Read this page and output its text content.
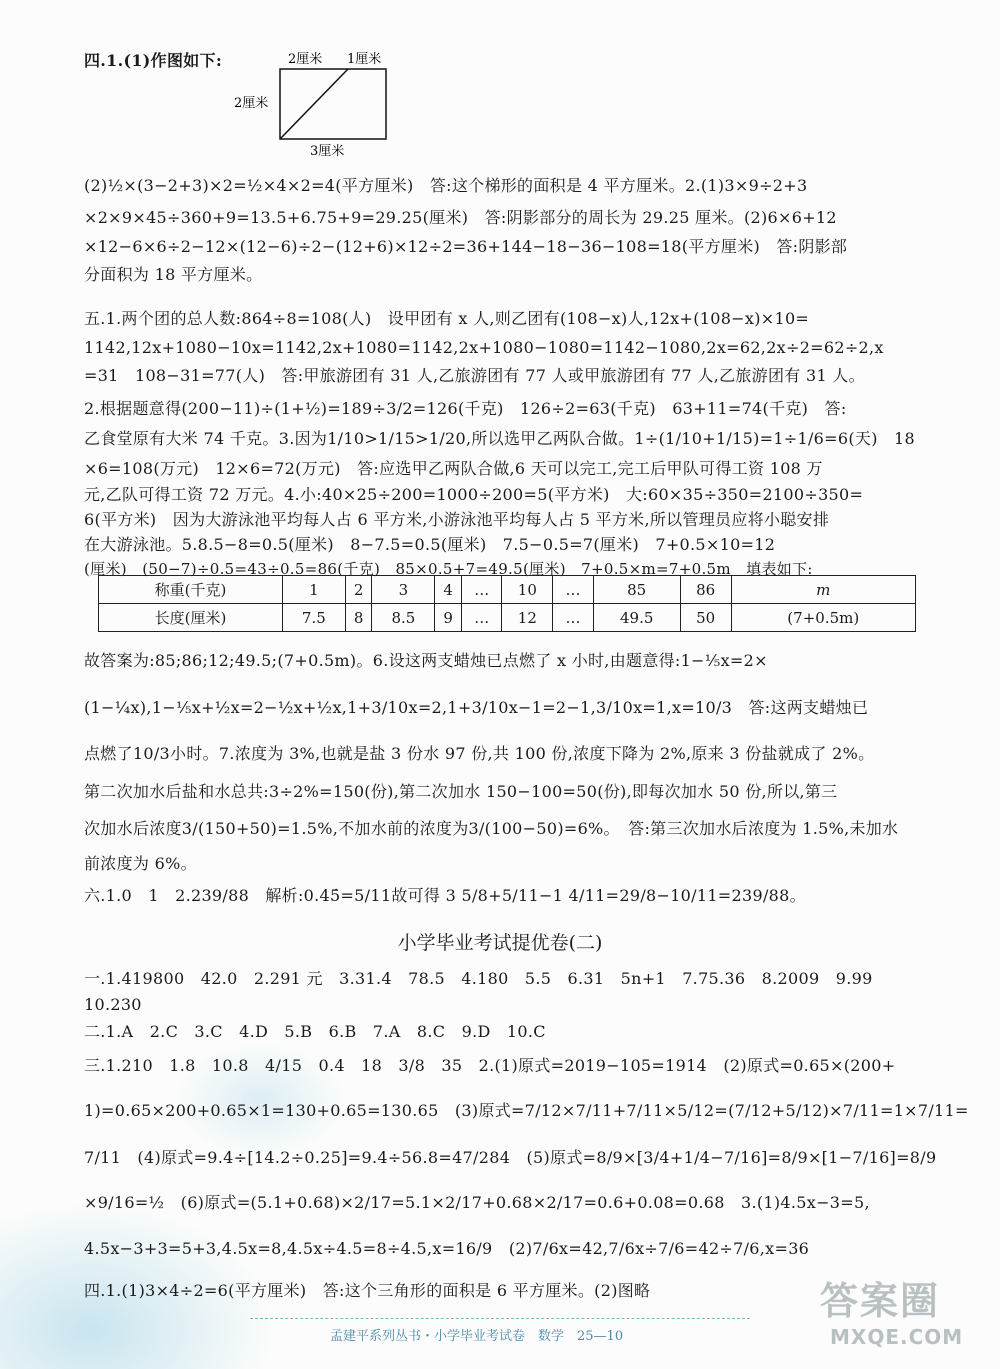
四.1.(1)作图如下:	2厘米 1厘米
2厘米
3厘米
(2)½×(3−2+3)×2=½×4×2=4(平方厘米)　答:这个梯形的面积是 4 平方厘米。2.(1)3×9÷2+3
×2×9×45÷360+9=13.5+6.75+9=29.25(厘米)　答:阴影部分的周长为 29.25 厘米。(2)6×6+12
×12−6×6÷2−12×(12−6)÷2−(12+6)×12÷2=36+144−18−36−108=18(平方厘米)　答:阴影部
分面积为 18 平方厘米。
五.1.两个团的总人数:864÷8=108(人)　设甲团有 x 人,则乙团有(108−x)人,12x+(108−x)×10=
1142,12x+1080−10x=1142,2x+1080=1142,2x+1080−1080=1142−1080,2x=62,2x÷2=62÷2,x
=31　108−31=77(人)　答:甲旅游团有 31 人,乙旅游团有 77 人或甲旅游团有 77 人,乙旅游团有 31 人。
2.根据题意得(200−11)÷(1+½)=189÷3/2=126(千克)　126÷2=63(千克)　63+11=74(千克)　答:
乙食堂原有大米 74 千克。3.因为1/10>1/15>1/20,所以选甲乙两队合做。1÷(1/10+1/15)=1÷1/6=6(天)　18
×6=108(万元)　12×6=72(万元)　答:应选甲乙两队合做,6 天可以完工,完工后甲队可得工资 108 万
元,乙队可得工资 72 万元。4.小:40×25÷200=1000÷200=5(平方米)　大:60×35÷350=2100÷350=
6(平方米)　因为大游泳池平均每人占 6 平方米,小游泳池平均每人占 5 平方米,所以管理员应将小聪安排
在大游泳池。5.8.5−8=0.5(厘米)　8−7.5=0.5(厘米)　7.5−0.5=7(厘米)　7+0.5×10=12
(厘米)　(50−7)÷0.5=43÷0.5=86(千克)　85×0.5+7=49.5(厘米)　7+0.5×m=7+0.5m　填表如下:
称重(千克)	1	2	3	4	…	10	…	85	86	m
长度(厘米)	7.5	8	8.5	9	…	12	…	49.5	50	(7+0.5m)
故答案为:85;86;12;49.5;(7+0.5m)。6.设这两支蜡烛已点燃了 x 小时,由题意得:1−⅕x=2×
(1−¼x),1−⅕x+½x=2−½x+½x,1+3/10x=2,1+3/10x−1=2−1,3/10x=1,x=10/3　答:这两支蜡烛已
点燃了10/3小时。7.浓度为 3%,也就是盐 3 份水 97 份,共 100 份,浓度下降为 2%,原来 3 份盐就成了 2%。
第二次加水后盐和水总共:3÷2%=150(份),第二次加水 150−100=50(份),即每次加水 50 份,所以,第三
次加水后浓度3/(150+50)=1.5%,不加水前的浓度为3/(100−50)=6%。　答:第三次加水后浓度为 1.5%,未加水
前浓度为 6%。
六.1.0　1　2.239/88　解析:0.45̇=5/11故可得 3 5/8+5/11−1 4/11=29/8−10/11=239/88。
小学毕业考试提优卷(二)
一.1.419800　42.0　2.291 元　3.31.4　78.5　4.180　5.5　6.31　5n+1　7.75.36　8.2009　9.99
10.230
二.1.A　2.C　3.C　4.D　5.B　6.B　7.A　8.C　9.D　10.C
三.1.210　1.8　10.8　4/15　0.4　18　3/8　35　2.(1)原式=2019−105=1914　(2)原式=0.65×(200+
1)=0.65×200+0.65×1=130+0.65=130.65　(3)原式=7/12×7/11+7/11×5/12=(7/12+5/12)×7/11=1×7/11=
7/11　(4)原式=9.4÷[14.2÷0.25]=9.4÷56.8=47/284　(5)原式=8/9×[3/4+1/4−7/16]=8/9×[1−7/16]=8/9
×9/16=½　(6)原式=(5.1+0.68)×2/17=5.1×2/17+0.68×2/17=0.6+0.08=0.68　3.(1)4.5x−3=5,
4.5x−3+3=5+3,4.5x=8,4.5x÷4.5=8÷4.5,x=16/9　(2)7/6x=42,7/6x÷7/6=42÷7/6,x=36
四.1.(1)3×4÷2=6(平方厘米)　答:这个三角形的面积是 6 平方厘米。(2)图略
孟建平系列丛书・小学毕业考试卷　数学　25—10
答案圈
MXQE.COM
